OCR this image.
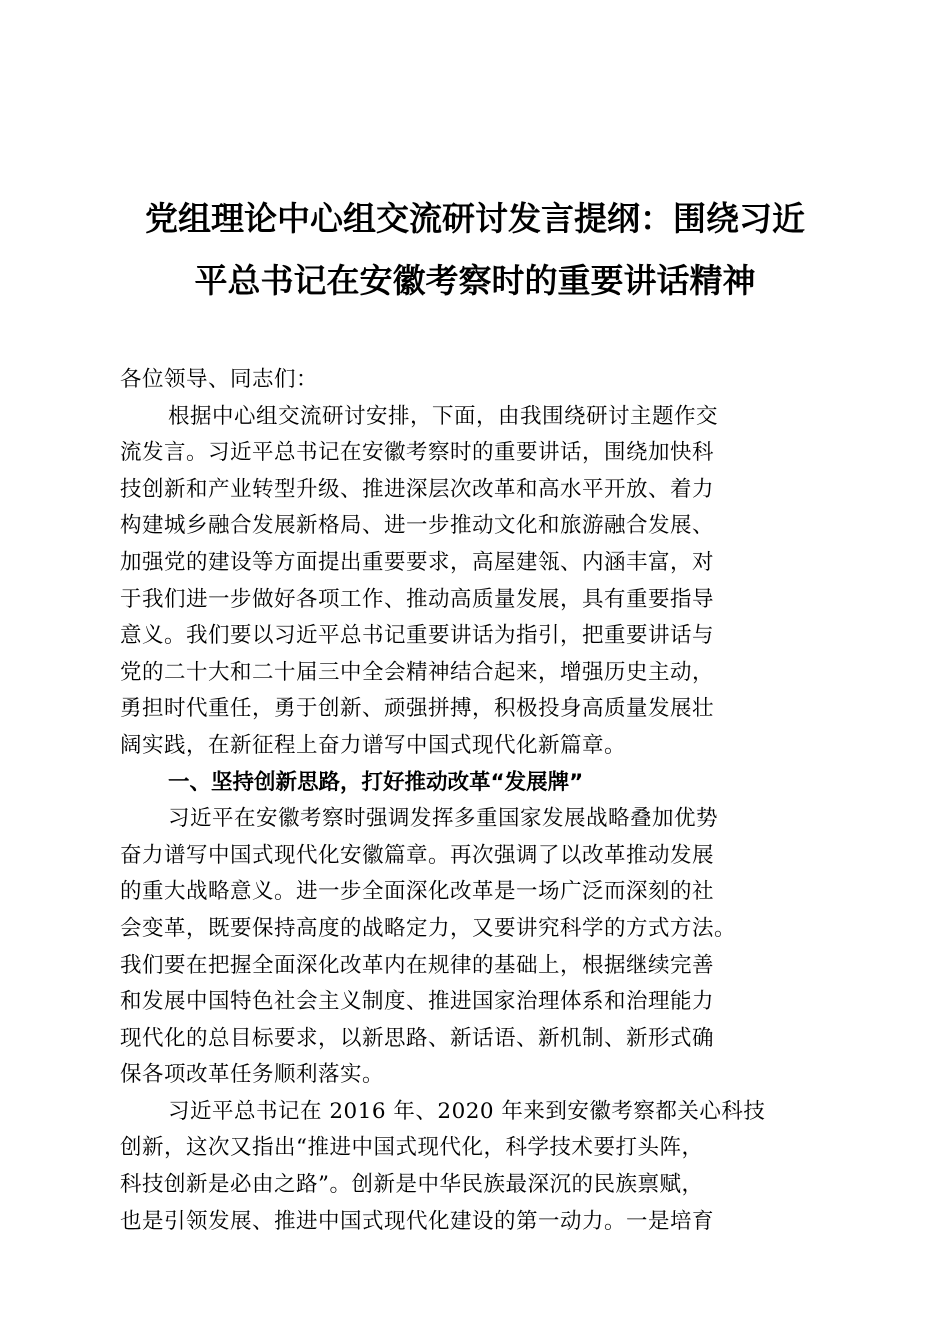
党组理论中心组交流研讨发言提纲：围绕习近
平总书记在安徽考察时的重要讲话精神
各位领导、同志们：
根据中心组交流研讨安排，下面，由我围绕研讨主题作交
流发言。习近平总书记在安徽考察时的重要讲话，围绕加快科
技创新和产业转型升级、推进深层次改革和高水平开放、着力
构建城乡融合发展新格局、进一步推动文化和旅游融合发展、
加强党的建设等方面提出重要要求，高屋建瓴、内涵丰富，对
于我们进一步做好各项工作、推动高质量发展，具有重要指导
意义。我们要以习近平总书记重要讲话为指引，把重要讲话与
党的二十大和二十届三中全会精神结合起来，增强历史主动，
勇担时代重任，勇于创新、顽强拼搏，积极投身高质量发展壮
阔实践，在新征程上奋力谱写中国式现代化新篇章。
一、坚持创新思路，打好推动改革“发展牌”
习近平在安徽考察时强调发挥多重国家发展战略叠加优势
奋力谱写中国式现代化安徽篇章。再次强调了以改革推动发展
的重大战略意义。进一步全面深化改革是一场广泛而深刻的社
会变革，既要保持高度的战略定力，又要讲究科学的方式方法。
我们要在把握全面深化改革内在规律的基础上，根据继续完善
和发展中国特色社会主义制度、推进国家治理体系和治理能力
现代化的总目标要求，以新思路、新话语、新机制、新形式确
保各项改革任务顺利落实。
习近平总书记在 2016 年、2020 年来到安徽考察都关心科技
创新，这次又指出“推进中国式现代化，科学技术要打头阵，
科技创新是必由之路”。创新是中华民族最深沉的民族禀赋，
也是引领发展、推进中国式现代化建设的第一动力。一是培育
